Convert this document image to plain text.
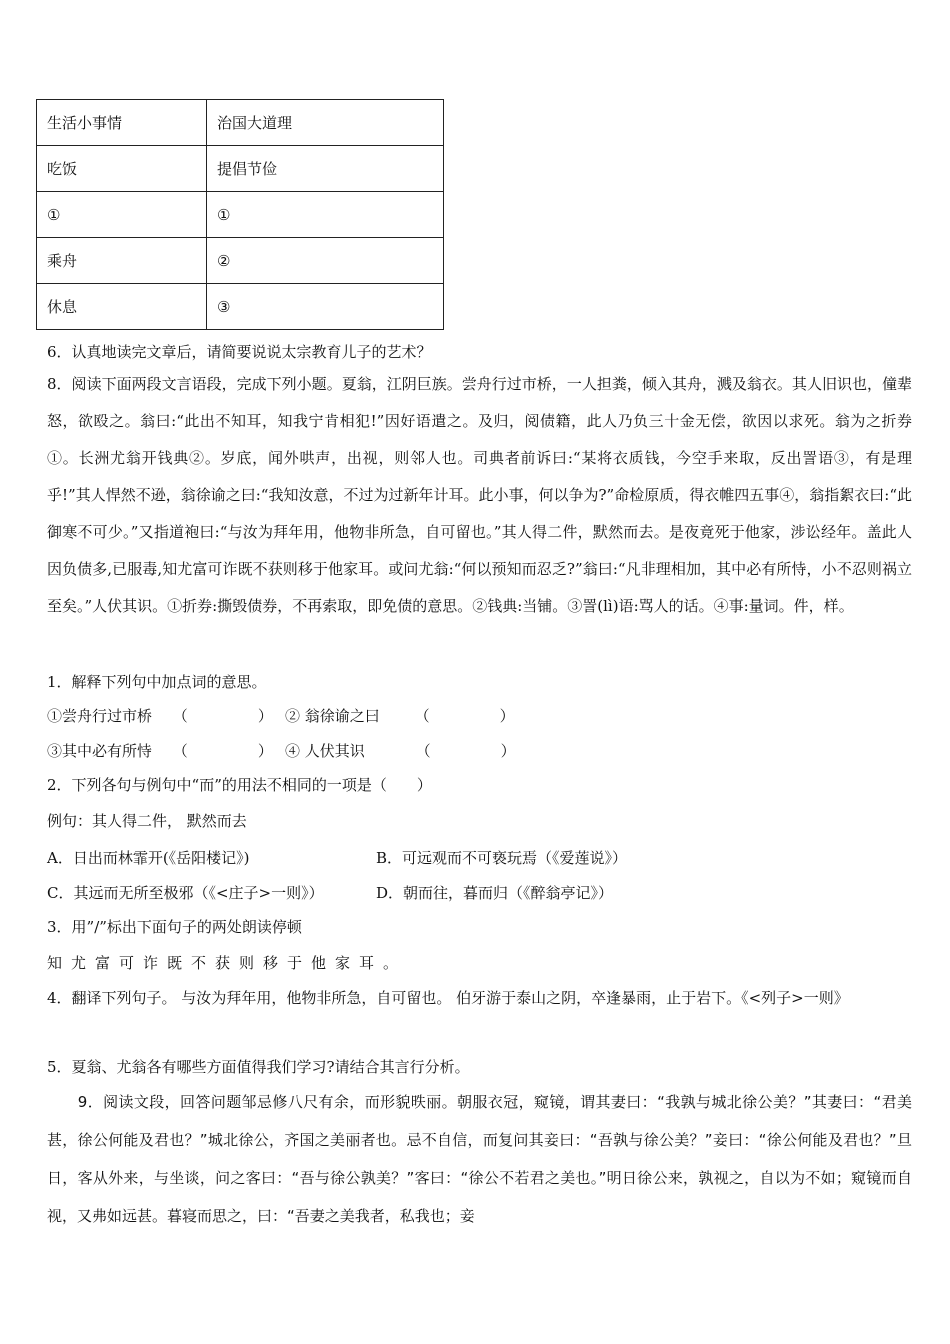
生活小事情	治国大道理
吃饭	提倡节俭
①	①
乘舟	②
休息	③
6．认真地读完文章后，请简要说说太宗教育儿子的艺术？
8．阅读下面两段文言语段，完成下列小题。夏翁，江阴巨族。尝舟行过市桥，一人担粪，倾入其舟，溅及翁衣。其人旧识也，僮辈怒，欲殴之。翁曰:“此出不知耳，知我宁肯相犯!”因好语遣之。及归，阅债籍，此人乃负三十金无偿，欲因以求死。翁为之折券①。长洲尤翁开钱典②。岁底，闻外哄声，出视，则邻人也。司典者前诉曰:“某将衣质钱，今空手来取，反出詈语③，有是理乎!”其人悍然不逊，翁徐谕之曰:“我知汝意，不过为过新年计耳。此小事，何以争为?”命检原质，得衣帷四五事④，翁指絮衣曰:“此御寒不可少。”又指道袍曰:“与汝为拜年用，他物非所急，自可留也。”其人得二件，默然而去。是夜竟死于他家，涉讼经年。盖此人因负债多,已服毒,知尤富可诈既不获则移于他家耳。或问尤翁:“何以预知而忍乏?”翁曰:“凡非理相加，其中必有所恃，小不忍则祸立至矣。”人伏其识。①折券:撕毁债券，不再索取，即免债的意思。②钱典:当铺。③詈(lì)语:骂人的话。④事:量词。件，样。
1．解释下列句中加点词的意思。
①尝舟行过市桥 （	） ② 翁徐谕之曰 （	）
③其中必有所恃 （	） ④ 人伏其识	（	）
2．下列各句与例句中“而”的用法不相同的一项是（　　）
例句：其人得二件， 默然而去
A．日出而林霏开(《岳阳楼记》)	B．可远观而不可亵玩焉（《爱莲说》）
C．其远而无所至极邪（《<庄子>一则》）	D．朝而往，暮而归（《醉翁亭记》）
3．用”/”标出下面句子的两处朗读停顿
知尤富可诈既不获则移于他家耳。
4．翻译下列句子。 与汝为拜年用，他物非所急，自可留也。 伯牙游于泰山之阴，卒逢暴雨，止于岩下。《<列子>一则》
5．夏翁、尤翁各有哪些方面值得我们学习?请结合其言行分析。
　　9．阅读文段，回答问题邹忌修八尺有余，而形貌昳丽。朝服衣冠，窥镜，谓其妻曰：“我孰与城北徐公美？”其妻曰：“君美甚，徐公何能及君也？”城北徐公，齐国之美丽者也。忌不自信，而复问其妾曰：“吾孰与徐公美？”妾曰：“徐公何能及君也？”旦日，客从外来，与坐谈，问之客曰：“吾与徐公孰美？”客曰：“徐公不若君之美也。”明日徐公来，孰视之，自以为不如；窥镜而自视，又弗如远甚。暮寝而思之，曰：“吾妻之美我者，私我也；妾
